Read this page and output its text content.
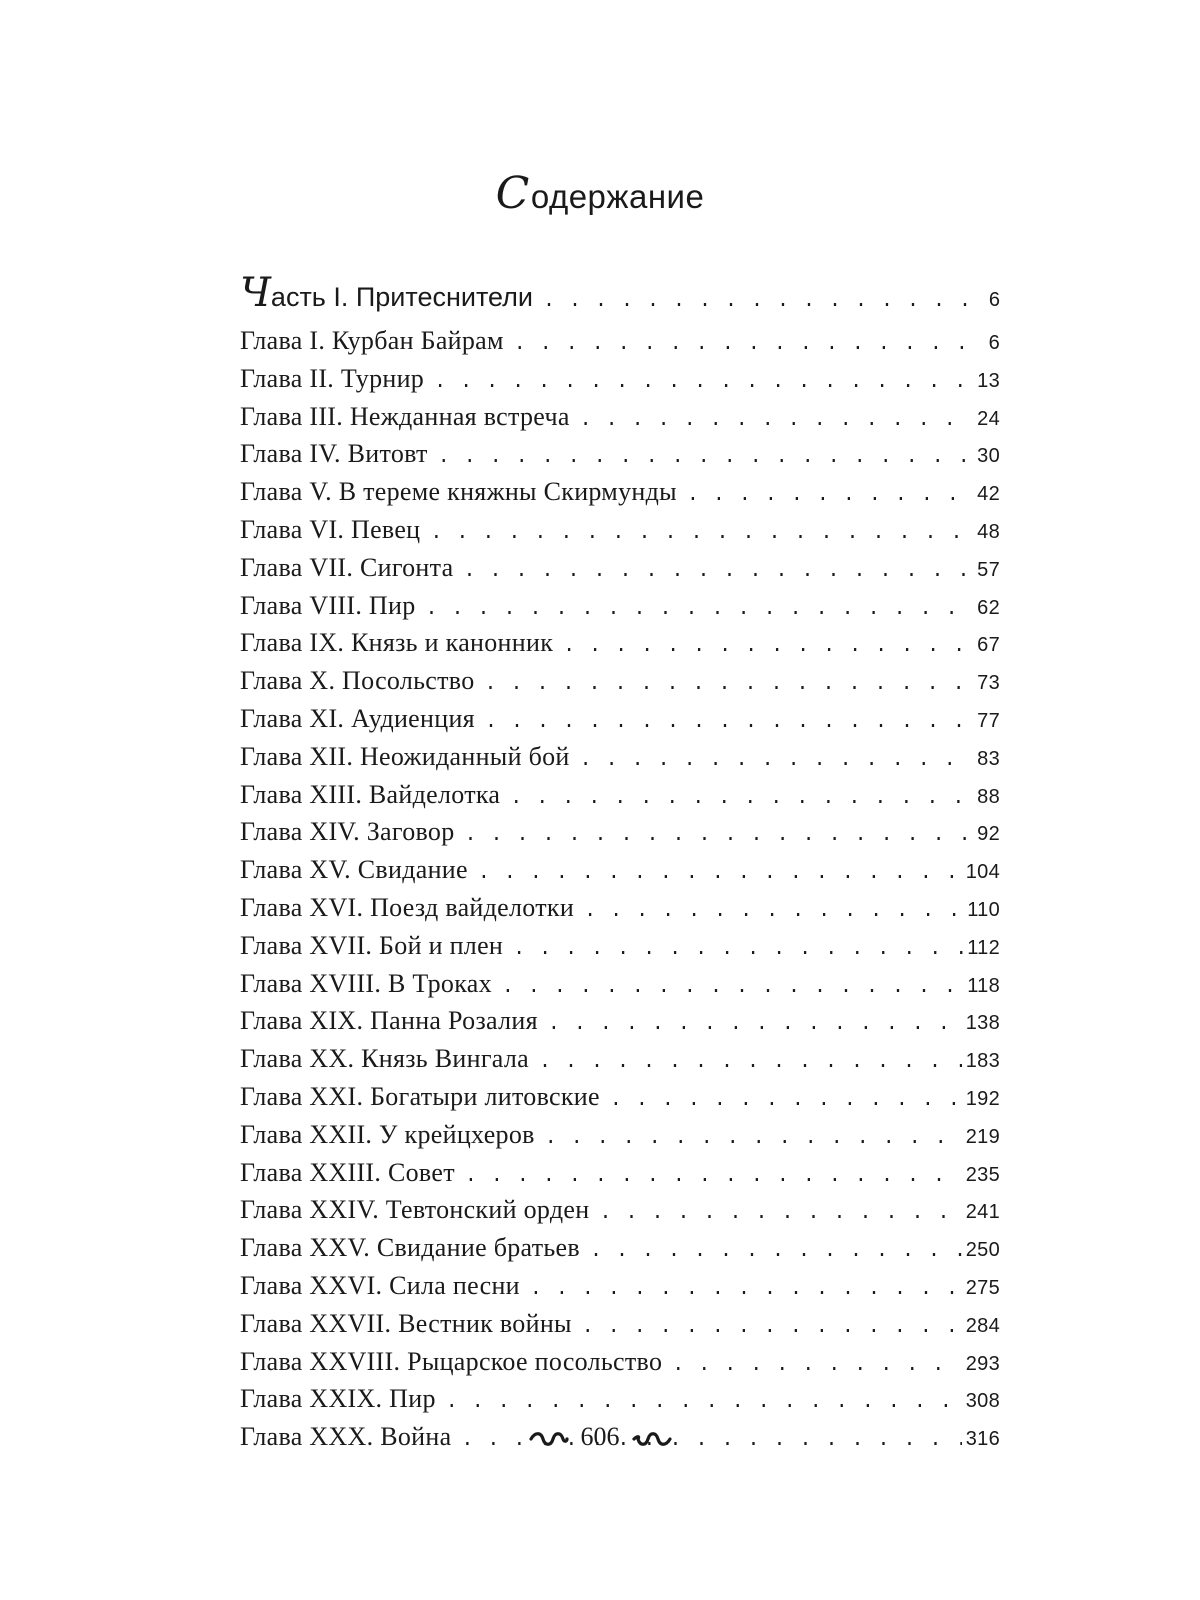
Содержание
Часть I. Притеснители . . .	6
Глава I. Курбан Байрам . . .	6
Глава II. Турнир . . .	13
Глава III. Нежданная встреча . . .	24
Глава IV. Витовт . . .	30
Глава V. В тереме княжны Скирмунды . . .	42
Глава VI. Певец . . .	48
Глава VII. Сигонта . . .	57
Глава VIII. Пир . . .	62
Глава IX. Князь и канонник . . .	67
Глава X. Посольство . . .	73
Глава XI. Аудиенция . . .	77
Глава XII. Неожиданный бой . . .	83
Глава XIII. Вайделотка . . .	88
Глава XIV. Заговор . . .	92
Глава XV. Свидание . . .	104
Глава XVI. Поезд вайделотки . . .	110
Глава XVII. Бой и плен . . .	112
Глава XVIII. В Троках . . .	118
Глава XIX. Панна Розалия . . .	138
Глава XX. Князь Вингала . . .	183
Глава XXI. Богатыри литовские . . .	192
Глава XXII. У крейцхеров . . .	219
Глава XXIII. Совет . . .	235
Глава XXIV. Тевтонский орден . . .	241
Глава XXV. Свидание братьев . . .	250
Глава XXVI. Сила песни . . .	275
Глава XXVII. Вестник войны . . .	284
Глава XXVIII. Рыцарское посольство . . .	293
Глава XXIX. Пир . . .	308
Глава XXX. Война . . .	316
606
